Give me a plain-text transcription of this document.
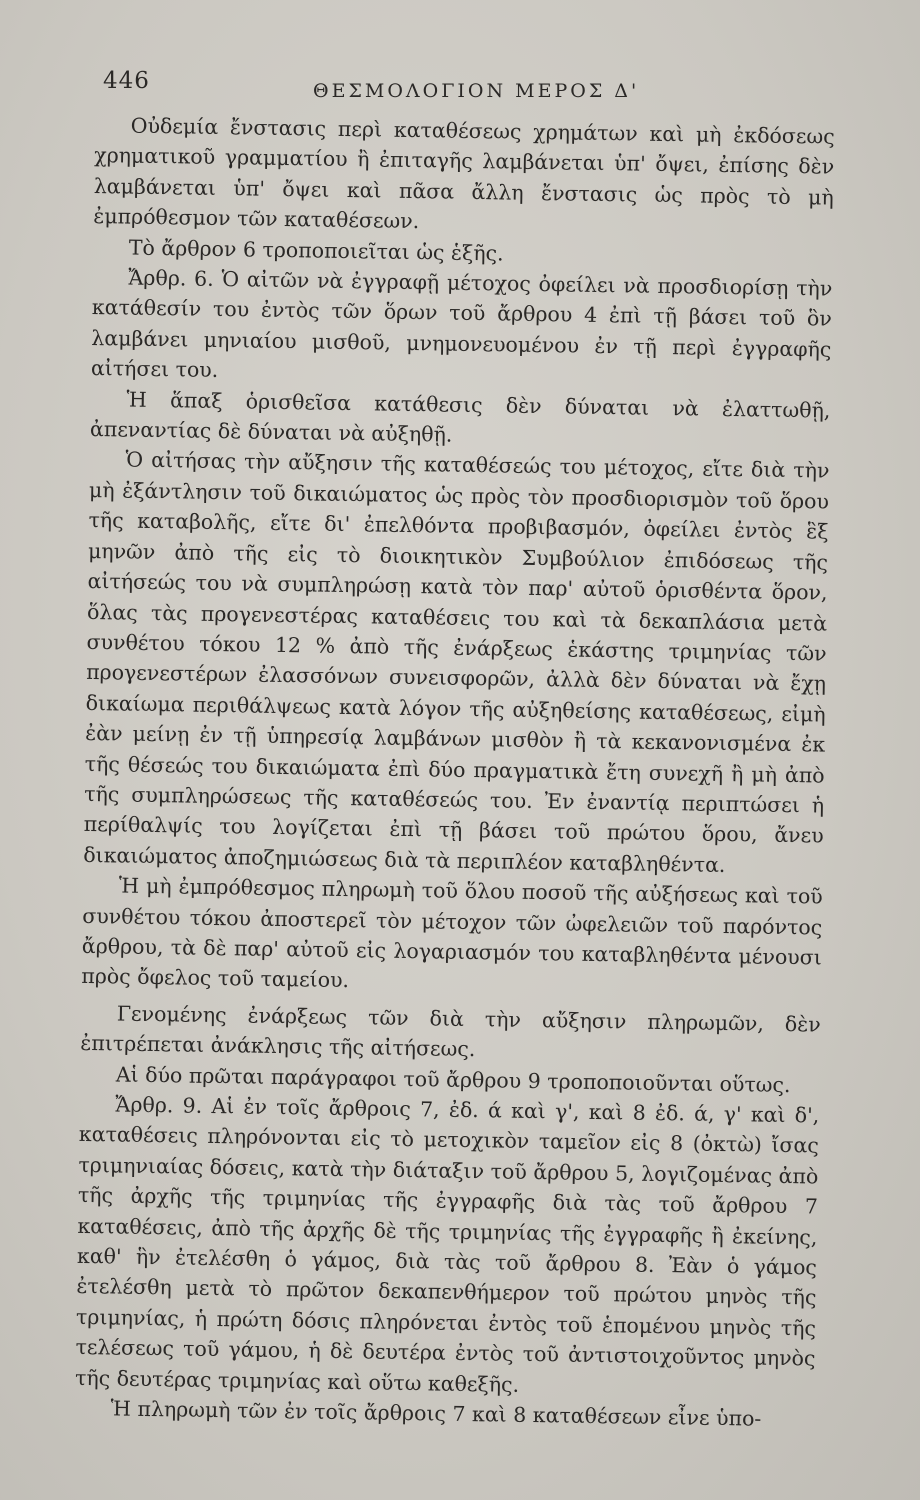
446	ΘΕΣΜΟΛΟΓΙΟΝ ΜΕΡΟΣ Δ'

Οὐδεμία ἔνστασις περὶ καταθέσεως χρημάτων καὶ μὴ ἐκδόσεως χρηματικοῦ γραμματίου ἢ ἐπιταγῆς λαμβάνεται ὑπ' ὄψει, ἐπίσης δὲν λαμβάνεται ὑπ' ὄψει καὶ πᾶσα ἄλλη ἔνστασις ὡς πρὸς τὸ μὴ ἐμπρόθεσμον τῶν καταθέσεων.

Τὸ ἄρθρον 6 τροποποιεῖται ὡς ἑξῆς.

Ἄρθρ. 6. Ὁ αἰτῶν νὰ ἐγγραφῇ μέτοχος ὀφείλει νὰ προσδιορίσῃ τὴν κατάθεσίν του ἐντὸς τῶν ὅρων τοῦ ἄρθρου 4 ἐπὶ τῇ βάσει τοῦ ὃν λαμβάνει μηνιαίου μισθοῦ, μνημονευομένου ἐν τῇ περὶ ἐγγραφῆς αἰτήσει του.

Ἡ ἅπαξ ὁρισθεῖσα κατάθεσις δὲν δύναται νὰ ἐλαττωθῇ, ἀπεναντίας δὲ δύναται νὰ αὐξηθῇ.

Ὁ αἰτήσας τὴν αὔξησιν τῆς καταθέσεώς του μέτοχος, εἴτε διὰ τὴν μὴ ἐξάντλησιν τοῦ δικαιώματος ὡς πρὸς τὸν προσδιορισμὸν τοῦ ὅρου τῆς καταβολῆς, εἴτε δι' ἐπελθόντα προβιβασμόν, ὀφείλει ἐντὸς ἓξ μηνῶν ἀπὸ τῆς εἰς τὸ διοικητικὸν Συμβούλιον ἐπιδόσεως τῆς αἰτήσεώς του νὰ συμπληρώσῃ κατὰ τὸν παρ' αὐτοῦ ὁρισθέντα ὅρον, ὅλας τὰς προγενεστέρας καταθέσεις του καὶ τὰ δεκαπλάσια μετὰ συνθέτου τόκου 12 % ἀπὸ τῆς ἐνάρξεως ἑκάστης τριμηνίας τῶν προγενεστέρων ἐλασσόνων συνεισφορῶν, ἀλλὰ δὲν δύναται νὰ ἔχῃ δικαίωμα περιθάλψεως κατὰ λόγον τῆς αὐξηθείσης καταθέσεως, εἰμὴ ἐὰν μείνῃ ἐν τῇ ὑπηρεσίᾳ λαμβάνων μισθὸν ἢ τὰ κεκανονισμένα ἐκ τῆς θέσεώς του δικαιώματα ἐπὶ δύο πραγματικὰ ἔτη συνεχῆ ἢ μὴ ἀπὸ τῆς συμπληρώσεως τῆς καταθέσεώς του. Ἐν ἐναντίᾳ περιπτώσει ἡ περίθαλψίς του λογίζεται ἐπὶ τῇ βάσει τοῦ πρώτου ὅρου, ἄνευ δικαιώματος ἀποζημιώσεως διὰ τὰ περιπλέον καταβληθέντα.

Ἡ μὴ ἐμπρόθεσμος πληρωμὴ τοῦ ὅλου ποσοῦ τῆς αὐξήσεως καὶ τοῦ συνθέτου τόκου ἀποστερεῖ τὸν μέτοχον τῶν ὠφελειῶν τοῦ παρόντος ἄρθρου, τὰ δὲ παρ' αὐτοῦ εἰς λογαριασμόν του καταβληθέντα μένουσι πρὸς ὄφελος τοῦ ταμείου.

Γενομένης ἐνάρξεως τῶν διὰ τὴν αὔξησιν πληρωμῶν, δὲν ἐπιτρέπεται ἀνάκλησις τῆς αἰτήσεως.

Αἱ δύο πρῶται παράγραφοι τοῦ ἄρθρου 9 τροποποιοῦνται οὕτως.

Ἄρθρ. 9. Αἱ ἐν τοῖς ἄρθροις 7, ἐδ. ά καὶ γ', καὶ 8 ἐδ. ά, γ' καὶ δ', καταθέσεις πληρόνονται εἰς τὸ μετοχικὸν ταμεῖον εἰς 8 (ὀκτὼ) ἴσας τριμηνιαίας δόσεις, κατὰ τὴν διάταξιν τοῦ ἄρθρου 5, λογιζομένας ἀπὸ τῆς ἀρχῆς τῆς τριμηνίας τῆς ἐγγραφῆς διὰ τὰς τοῦ ἄρθρου 7 καταθέσεις, ἀπὸ τῆς ἀρχῆς δὲ τῆς τριμηνίας τῆς ἐγγραφῆς ἢ ἐκείνης, καθ' ἣν ἐτελέσθη ὁ γάμος, διὰ τὰς τοῦ ἄρθρου 8. Ἐὰν ὁ γάμος ἐτελέσθη μετὰ τὸ πρῶτον δεκαπενθήμερον τοῦ πρώτου μηνὸς τῆς τριμηνίας, ἡ πρώτη δόσις πληρόνεται ἐντὸς τοῦ ἑπομένου μηνὸς τῆς τελέσεως τοῦ γάμου, ἡ δὲ δευτέρα ἐντὸς τοῦ ἀντιστοιχοῦντος μηνὸς τῆς δευτέρας τριμηνίας καὶ οὕτω καθεξῆς.

Ἡ πληρωμὴ τῶν ἐν τοῖς ἄρθροις 7 καὶ 8 καταθέσεων εἶνε ὑπο-
